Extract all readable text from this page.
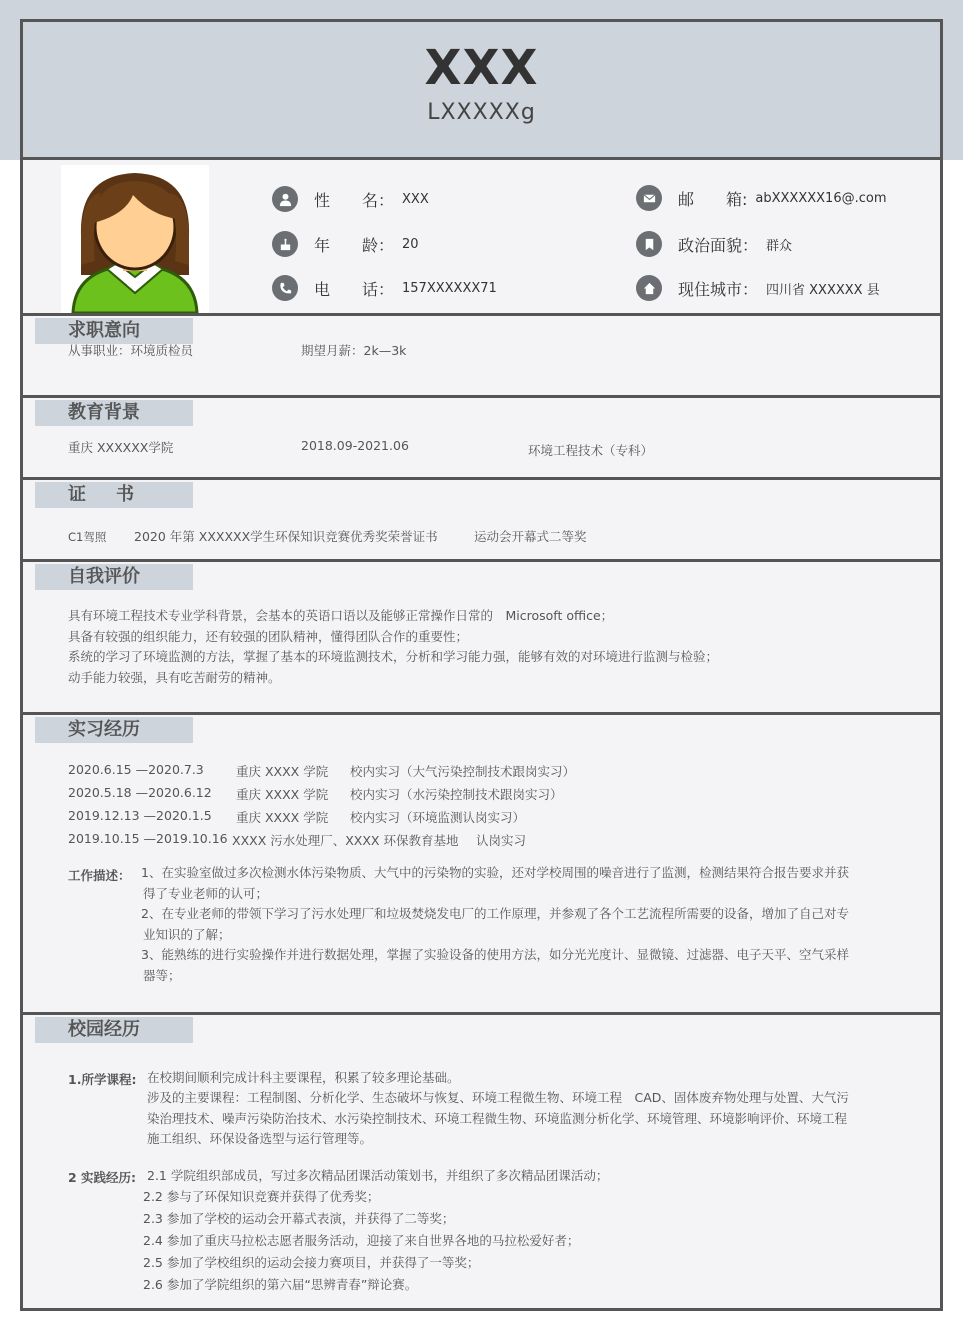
XXX
LXXXXXg
性　　名： XXX
年　　龄： 20
电　　话： 157XXXXXX71
邮　　箱: abXXXXXX16@.com
政治面貌： 群众
现住城市： 四川省 XXXXXX 县
求职意向
从事职业：环境质检员	期望月薪：2k—3k
教育背景
重庆 XXXXXX学院	2018.09-2021.06	环境工程技术（专科）
证　书
C1驾照 2020 年第 XXXXXX学生环保知识竞赛优秀奖荣誉证书	运动会开幕式二等奖
自我评价
具有环境工程技术专业学科背景，会基本的英语口语以及能够正常操作日常的　Microsoft office；
具备有较强的组织能力，还有较强的团队精神，懂得团队合作的重要性；
系统的学习了环境监测的方法，掌握了基本的环境监测技术，分析和学习能力强，能够有效的对环境进行监测与检验；
动手能力较强，具有吃苦耐劳的精神。
实习经历
2020.6.15 —2020.7.3	重庆 XXXX 学院 校内实习（大气污染控制技术跟岗实习）
2020.5.18 —2020.6.12 重庆 XXXX 学院 校内实习（水污染控制技术跟岗实习）
2019.12.13 —2020.1.5 重庆 XXXX 学院 校内实习（环境监测认岗实习）
2019.10.15 —2019.10.16 XXXX 污水处理厂、XXXX 环保教育基地 认岗实习
工作描述： 1、在实验室做过多次检测水体污染物质、大气中的污染物的实验，还对学校周围的噪音进行了监测，检测结果符合报告要求并获
得了专业老师的认可；
2、在专业老师的带领下学习了污水处理厂和垃圾焚烧发电厂的工作原理，并参观了各个工艺流程所需要的设备，增加了自己对专
业知识的了解；
3、能熟练的进行实验操作并进行数据处理，掌握了实验设备的使用方法，如分光光度计、显微镜、过滤器、电子天平、空气采样
器等；
校园经历
1.所学课程: 在校期间顺利完成计科主要课程，积累了较多理论基础。
涉及的主要课程：工程制图、分析化学、生态破坏与恢复、环境工程微生物、环境工程　CAD、固体废弃物处理与处置、大气污
染治理技术、噪声污染防治技术、水污染控制技术、环境工程微生物、环境监测分析化学、环境管理、环境影响评价、环境工程
施工组织、环保设备选型与运行管理等。
2 实践经历: 2.1 学院组织部成员，写过多次精品团课活动策划书，并组织了多次精品团课活动；
2.2 参与了环保知识竞赛并获得了优秀奖；
2.3 参加了学校的运动会开幕式表演，并获得了二等奖；
2.4 参加了重庆马拉松志愿者服务活动，迎接了来自世界各地的马拉松爱好者；
2.5 参加了学校组织的运动会接力赛项目，并获得了一等奖；
2.6 参加了学院组织的第六届“思辨青春”辩论赛。
